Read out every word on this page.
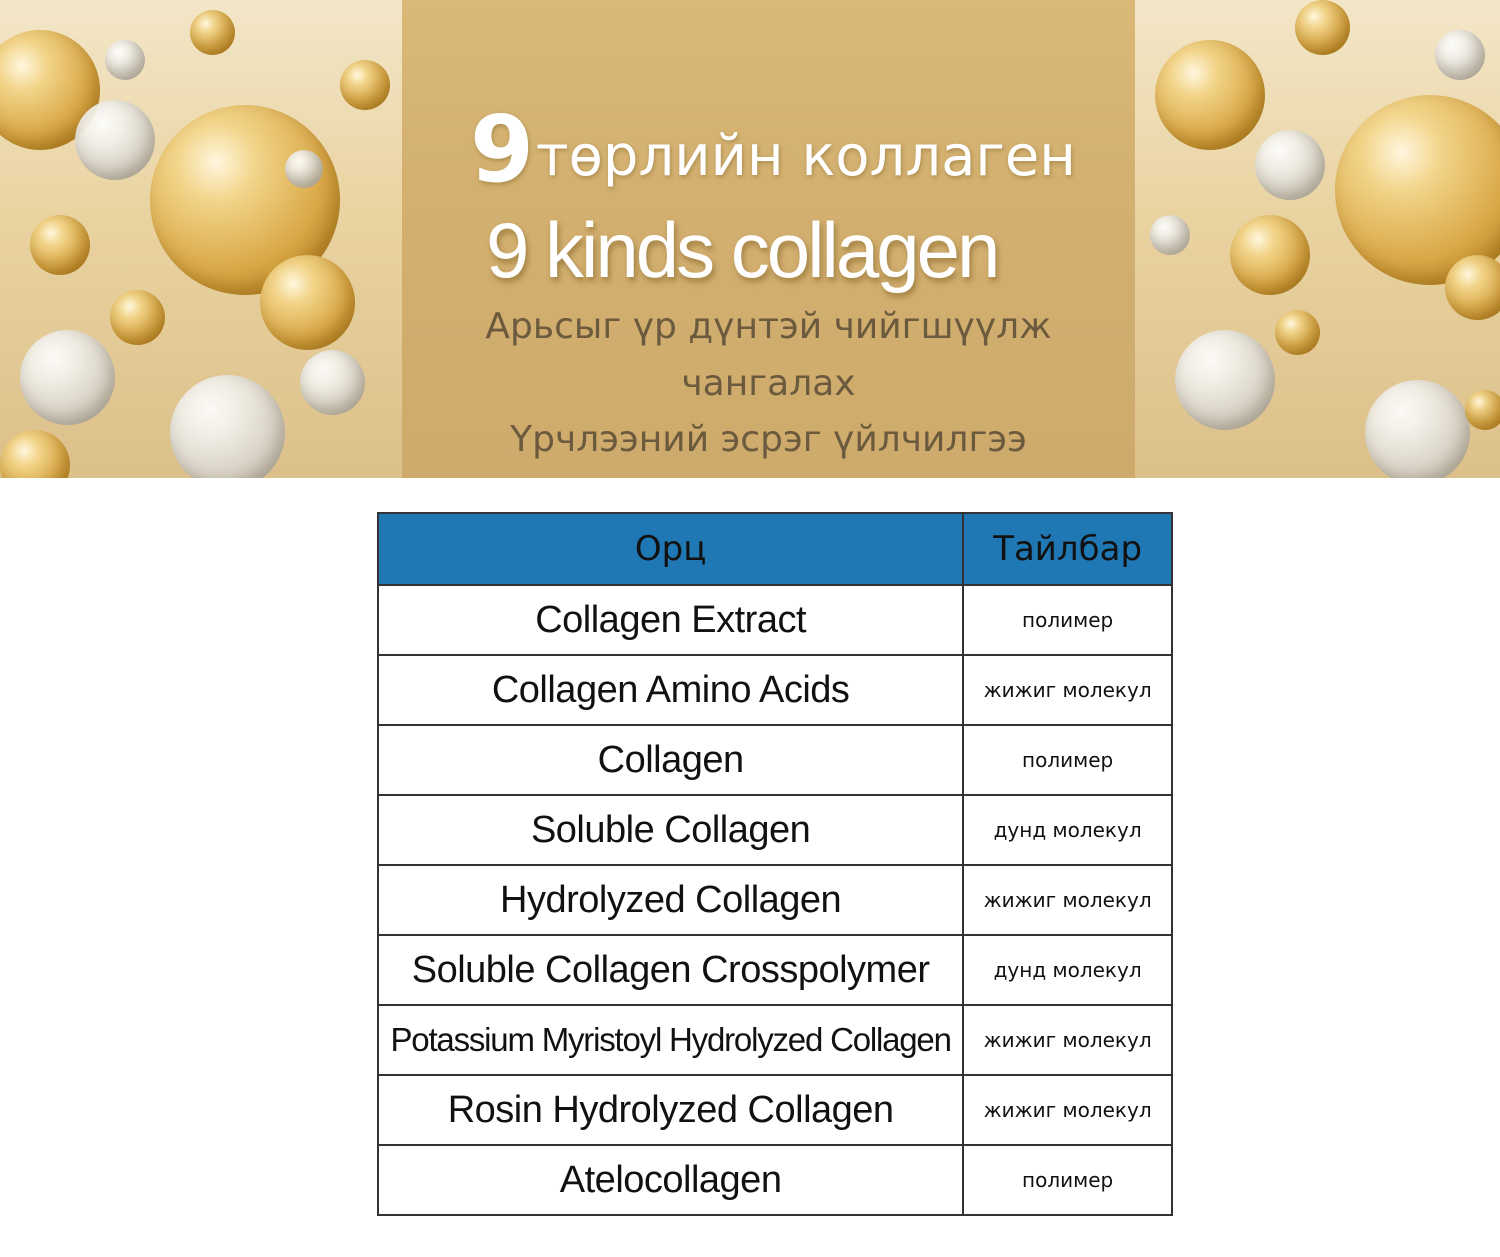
9 төрлийн коллаген
9 kinds collagen
Арьсыг үр дүнтэй чийгшүүлж
чангалах
Үрчлээний эсрэг үйлчилгээ
Орц	Тайлбар
Collagen Extract	полимер
Collagen Amino Acids	жижиг молекул
Collagen	полимер
Soluble Collagen	дунд молекул
Hydrolyzed Collagen	жижиг молекул
Soluble Collagen Crosspolymer	дунд молекул
Potassium Myristoyl Hydrolyzed Collagen	жижиг молекул
Rosin Hydrolyzed Collagen	жижиг молекул
Atelocollagen	полимер
